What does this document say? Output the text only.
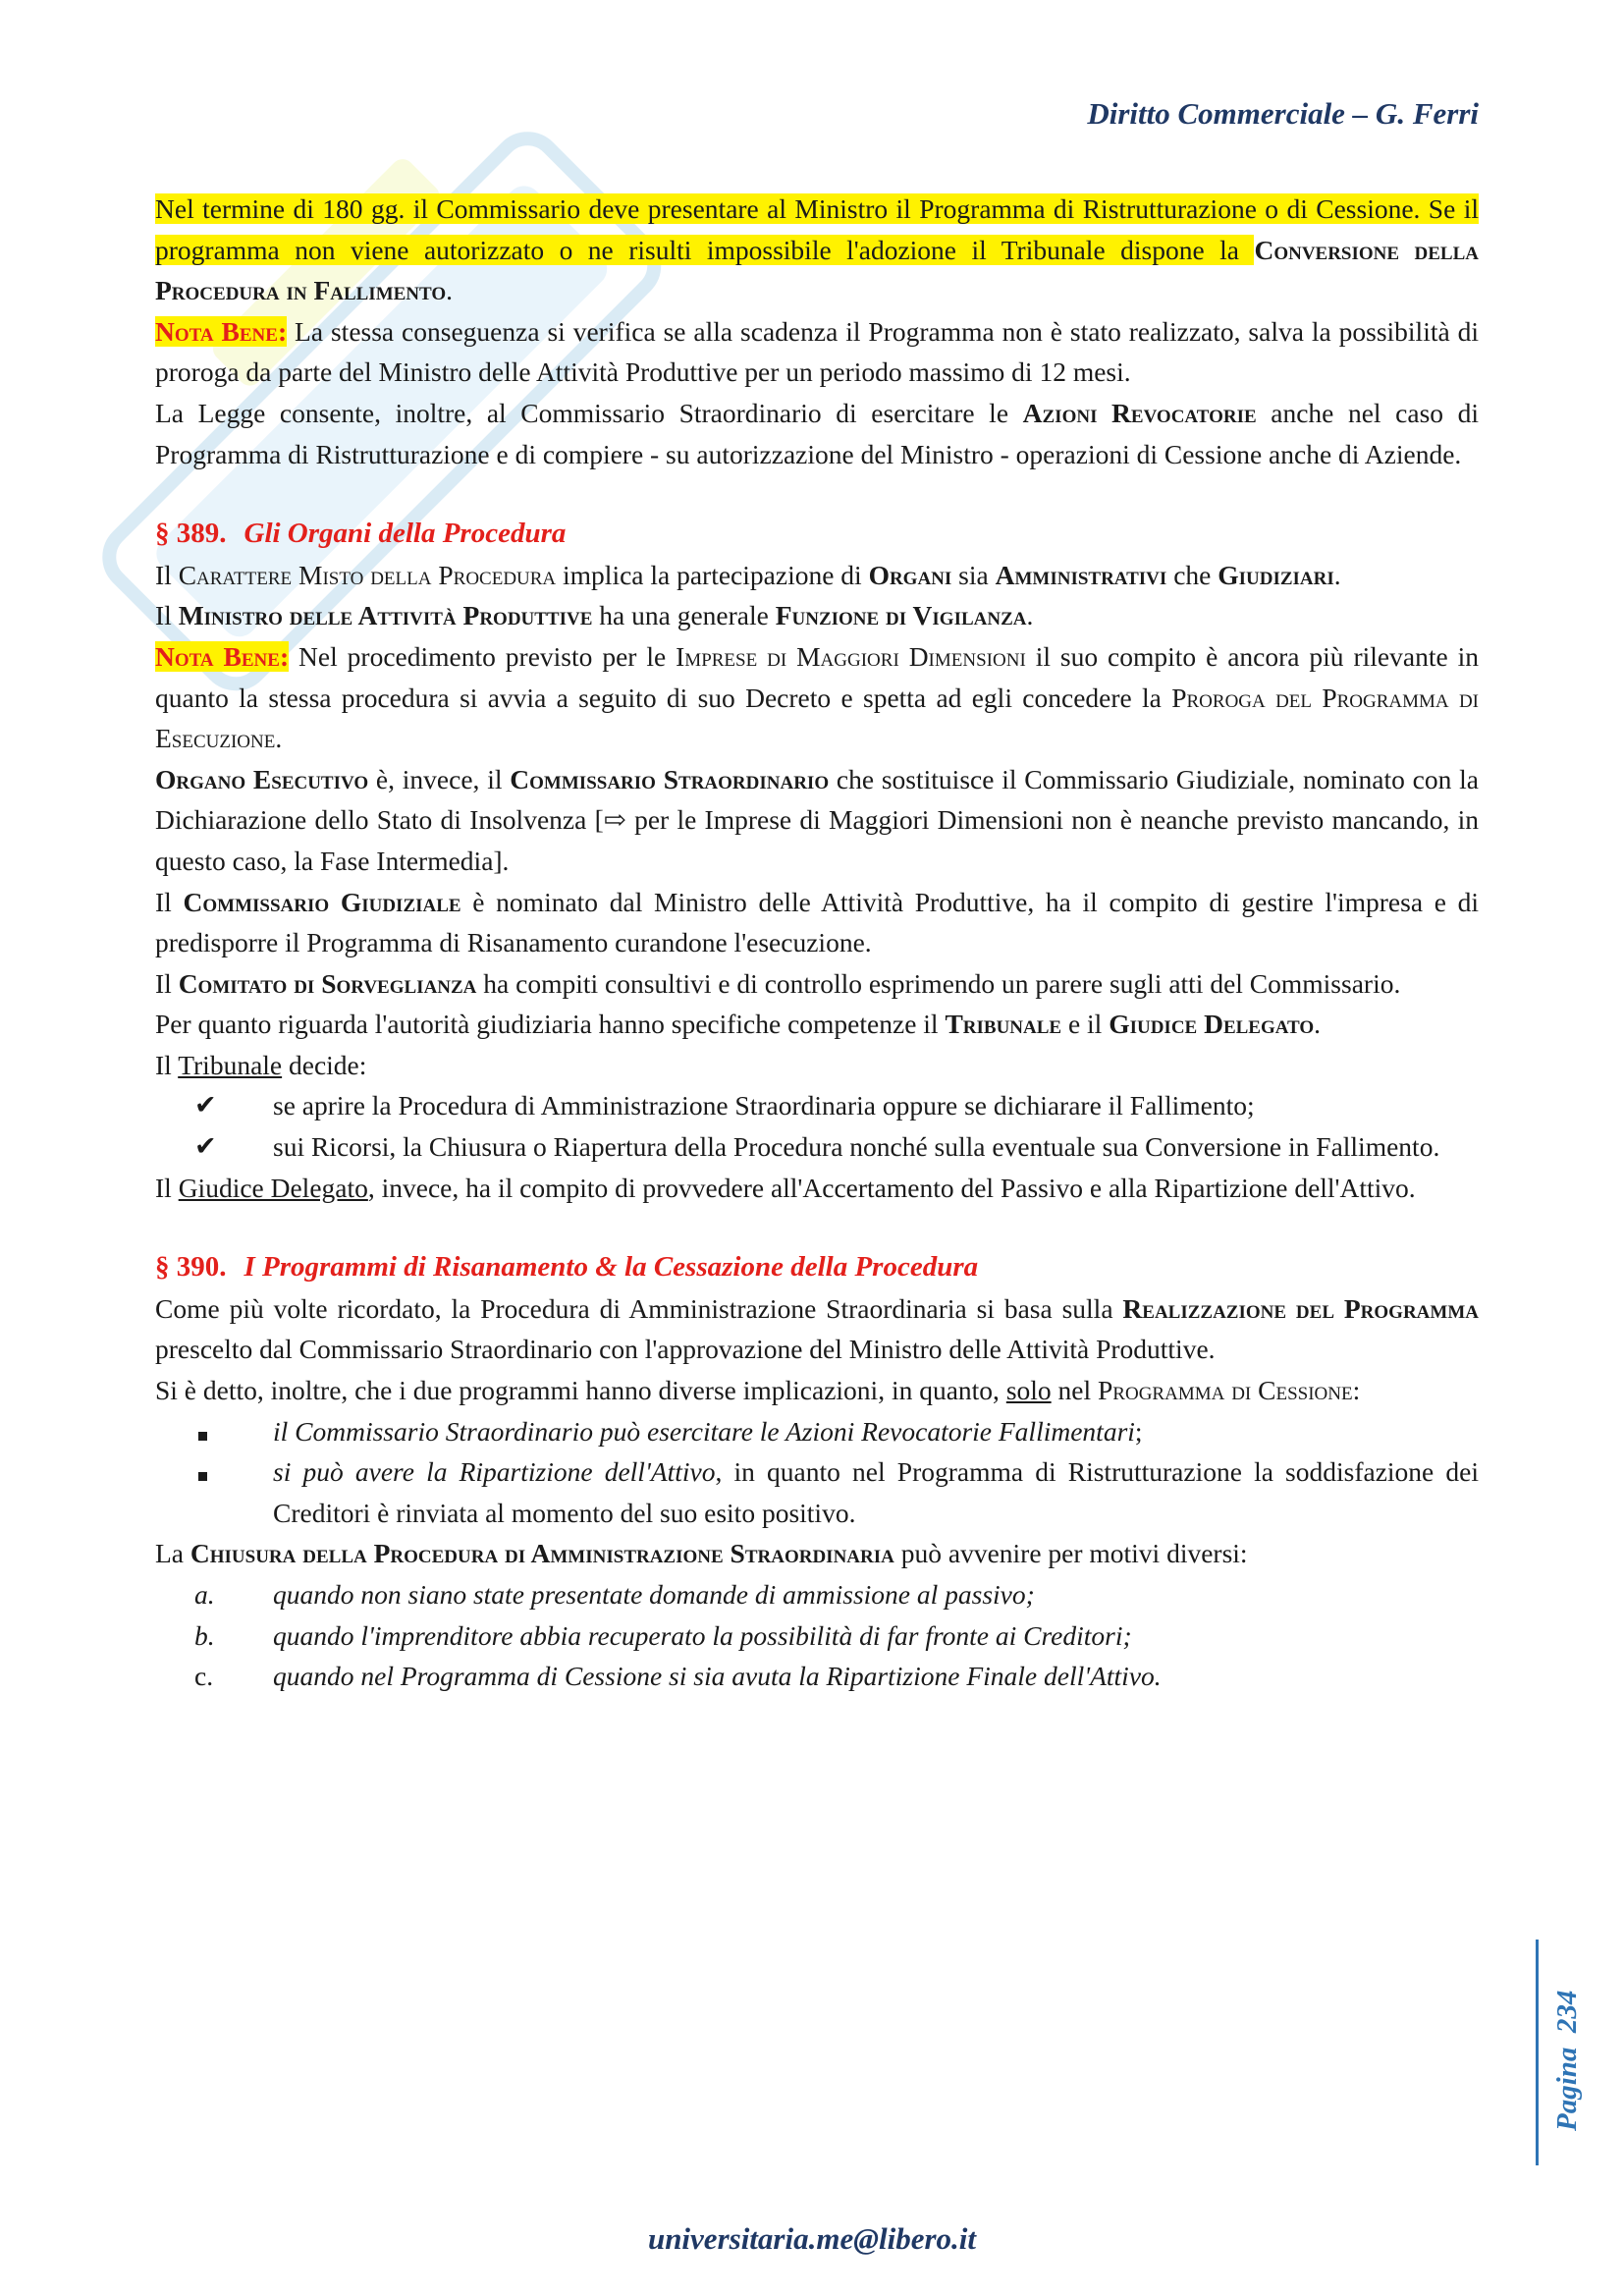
Diritto Commerciale – G. Ferri

Nel termine di 180 gg. il Commissario deve presentare al Ministro il Programma di Ristrutturazione o di Cessione. Se il programma non viene autorizzato o ne risulti impossibile l'adozione il Tribunale dispone la Conversione della Procedura in Fallimento.

Nota Bene: La stessa conseguenza si verifica se alla scadenza il Programma non è stato realizzato, salva la possibilità di proroga da parte del Ministro delle Attività Produttive per un periodo massimo di 12 mesi.

La Legge consente, inoltre, al Commissario Straordinario di esercitare le Azioni Revocatorie anche nel caso di Programma di Ristrutturazione e di compiere - su autorizzazione del Ministro - operazioni di Cessione anche di Aziende.

§ 389. Gli Organi della Procedura

Il Carattere Misto della Procedura implica la partecipazione di Organi sia Amministrativi che Giudiziari.

Il Ministro delle Attività Produttive ha una generale Funzione di Vigilanza.

Nota Bene: Nel procedimento previsto per le Imprese di Maggiori Dimensioni il suo compito è ancora più rilevante in quanto la stessa procedura si avvia a seguito di suo Decreto e spetta ad egli concedere la Proroga del Programma di Esecuzione.

Organo Esecutivo è, invece, il Commissario Straordinario che sostituisce il Commissario Giudiziale, nominato con la Dichiarazione dello Stato di Insolvenza [⇨ per le Imprese di Maggiori Dimensioni non è neanche previsto mancando, in questo caso, la Fase Intermedia].

Il Commissario Giudiziale è nominato dal Ministro delle Attività Produttive, ha il compito di gestire l'impresa e di predisporre il Programma di Risanamento curandone l'esecuzione.

Il Comitato di Sorveglianza ha compiti consultivi e di controllo esprimendo un parere sugli atti del Commissario.

Per quanto riguarda l'autorità giudiziaria hanno specifiche competenze il Tribunale e il Giudice Delegato.

Il Tribunale decide:

✔	se aprire la Procedura di Amministrazione Straordinaria oppure se dichiarare il Fallimento;
✔	sui Ricorsi, la Chiusura o Riapertura della Procedura nonché sulla eventuale sua Conversione in Fallimento.

Il Giudice Delegato, invece, ha il compito di provvedere all'Accertamento del Passivo e alla Ripartizione dell'Attivo.

§ 390. I Programmi di Risanamento & la Cessazione della Procedura

Come più volte ricordato, la Procedura di Amministrazione Straordinaria si basa sulla Realizzazione del Programma prescelto dal Commissario Straordinario con l'approvazione del Ministro delle Attività Produttive.

Si è detto, inoltre, che i due programmi hanno diverse implicazioni, in quanto, solo nel Programma di Cessione:

il Commissario Straordinario può esercitare le Azioni Revocatorie Fallimentari;
si può avere la Ripartizione dell'Attivo, in quanto nel Programma di Ristrutturazione la soddisfazione dei Creditori è rinviata al momento del suo esito positivo.

La Chiusura della Procedura di Amministrazione Straordinaria può avvenire per motivi diversi:

a.	quando non siano state presentate domande di ammissione al passivo;
b.	quando l'imprenditore abbia recuperato la possibilità di far fronte ai Creditori;
c.	quando nel Programma di Cessione si sia avuta la Ripartizione Finale dell'Attivo.
Pagina  234
universitaria.me@libero.it
